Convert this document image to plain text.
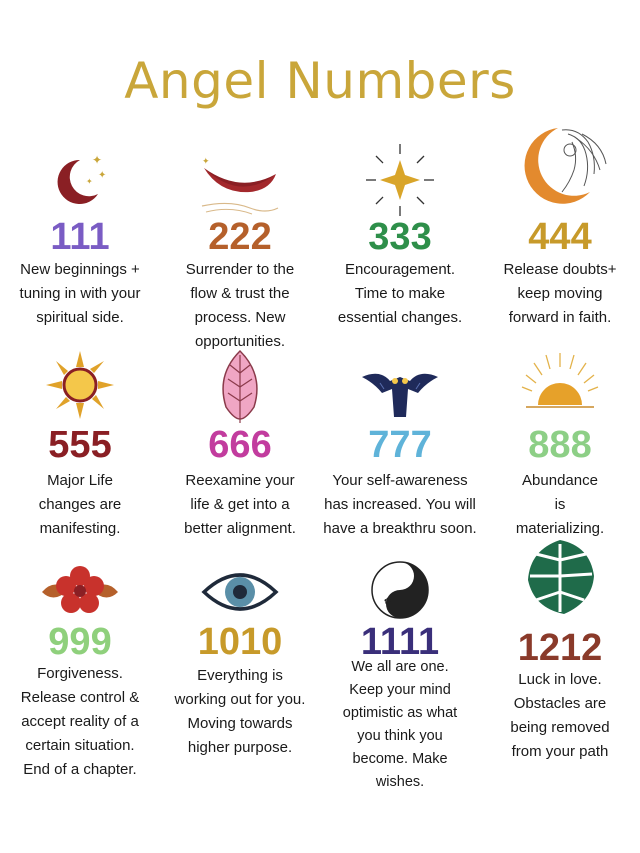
Angel Numbers
✦
✦
✦
111
New beginnings +
tuning in with your
spiritual side.
✦
222
Surrender to the
flow & trust the
process. New
opportunities.
333
Encouragement.
Time to make
essential changes.
444
Release doubts+
keep moving
forward in faith.
555
Major Life
changes are
manifesting.
666
Reexamine your
life & get into a
better alignment.
777
Your self-awareness
has increased. You will
have a breakthru soon.
888
Abundance
is
materializing.
999
Forgiveness.
Release control &
accept reality of a
certain situation.
End of a chapter.
1010
Everything is
working out for you.
Moving towards
higher purpose.
✿
✿
1111
We all are one.
Keep your mind
optimistic as what
you think you
become. Make
wishes.
1212
Luck in love.
Obstacles are
being removed
from your path
